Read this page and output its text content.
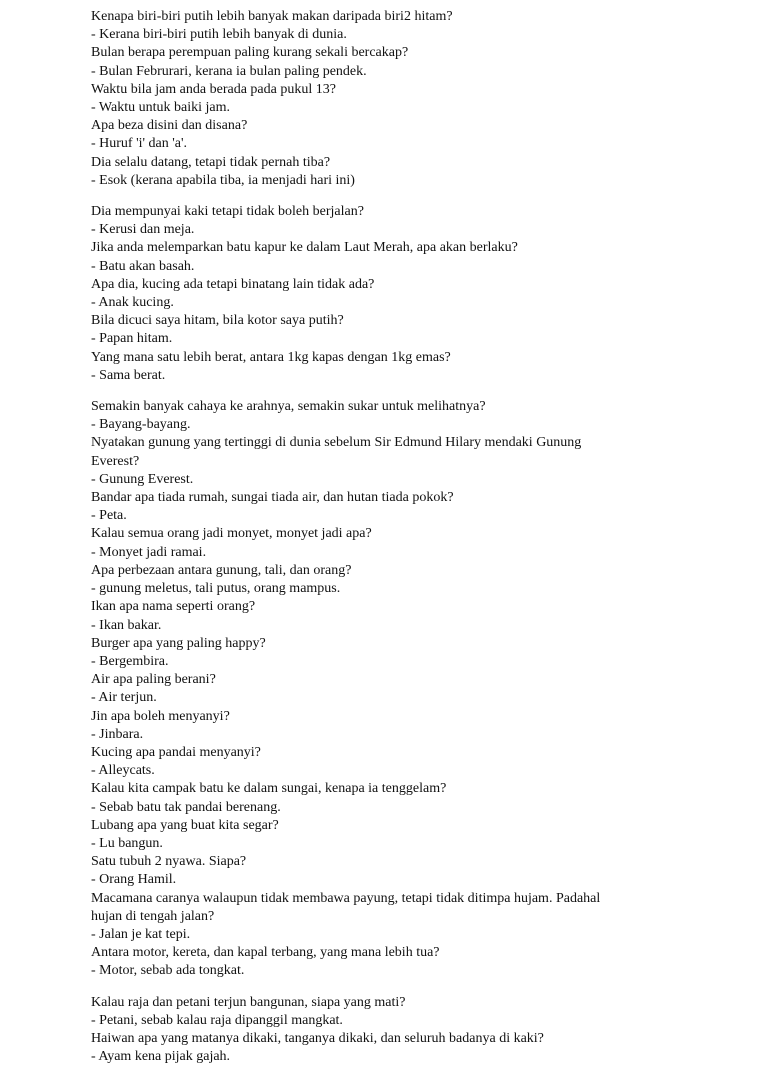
Kenapa biri-biri putih lebih banyak makan daripada biri2 hitam?
- Kerana biri-biri putih lebih banyak di dunia.
Bulan berapa perempuan paling kurang sekali bercakap?
- Bulan Februrari, kerana ia bulan paling pendek.
Waktu bila jam anda berada pada pukul 13?
- Waktu untuk baiki jam.
Apa beza disini dan disana?
- Huruf 'i' dan 'a'.
Dia selalu datang, tetapi tidak pernah tiba?
- Esok (kerana apabila tiba, ia menjadi hari ini)
Dia mempunyai kaki tetapi tidak boleh berjalan?
- Kerusi dan meja.
Jika anda melemparkan batu kapur ke dalam Laut Merah, apa akan berlaku?
- Batu akan basah.
Apa dia, kucing ada tetapi binatang lain tidak ada?
- Anak kucing.
Bila dicuci saya hitam, bila kotor saya putih?
- Papan hitam.
Yang mana satu lebih berat, antara 1kg kapas dengan 1kg emas?
- Sama berat.
Semakin banyak cahaya ke arahnya, semakin sukar untuk melihatnya?
- Bayang-bayang.
Nyatakan gunung yang tertinggi di dunia sebelum Sir Edmund Hilary mendaki Gunung
Everest?
- Gunung Everest.
Bandar apa tiada rumah, sungai tiada air, dan hutan tiada pokok?
- Peta.
Kalau semua orang jadi monyet, monyet jadi apa?
- Monyet jadi ramai.
Apa perbezaan antara gunung, tali, dan orang?
- gunung meletus, tali putus, orang mampus.
Ikan apa nama seperti orang?
- Ikan bakar.
Burger apa yang paling happy?
- Bergembira.
Air apa paling berani?
- Air terjun.
Jin apa boleh menyanyi?
- Jinbara.
Kucing apa pandai menyanyi?
- Alleycats.
Kalau kita campak batu ke dalam sungai, kenapa ia tenggelam?
- Sebab batu tak pandai berenang.
Lubang apa yang buat kita segar?
- Lu bangun.
Satu tubuh 2 nyawa. Siapa?
- Orang Hamil.
Macamana caranya walaupun tidak membawa payung, tetapi tidak ditimpa hujam. Padahal
hujan di tengah jalan?
- Jalan je kat tepi.
Antara motor, kereta, dan kapal terbang, yang mana lebih tua?
- Motor, sebab ada tongkat.
Kalau raja dan petani terjun bangunan, siapa yang mati?
- Petani, sebab kalau raja dipanggil mangkat.
Haiwan apa yang matanya dikaki, tanganya dikaki, dan seluruh badanya di kaki?
- Ayam kena pijak gajah.
